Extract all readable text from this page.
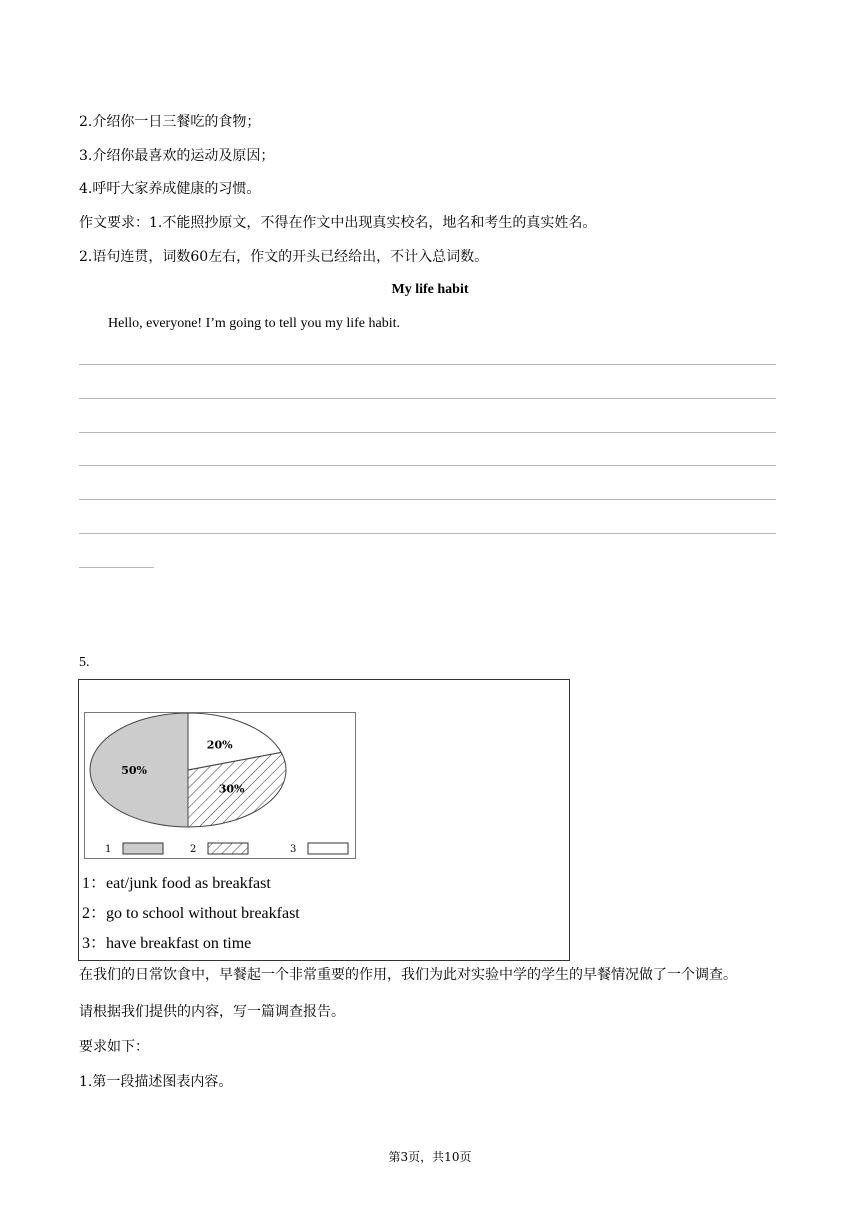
2.介绍你一日三餐吃的食物；
3.介绍你最喜欢的运动及原因；
4.呼吁大家养成健康的习惯。
作文要求：1.不能照抄原文，不得在作文中出现真实校名，地名和考生的真实姓名。
2.语句连贯，词数60左右，作文的开头已经给出，不计入总词数。
My life habit
Hello, everyone! I’m going to tell you my life habit.
5.
20%
30%
50%
1	2	3
1：eat/junk food as breakfast
2：go to school without breakfast
3：have breakfast on time
在我们的日常饮食中，早餐起一个非常重要的作用，我们为此对实验中学的学生的早餐情况做了一个调查。
请根据我们提供的内容，写一篇调查报告。
要求如下：
1.第一段描述图表内容。
第3页，共10页
